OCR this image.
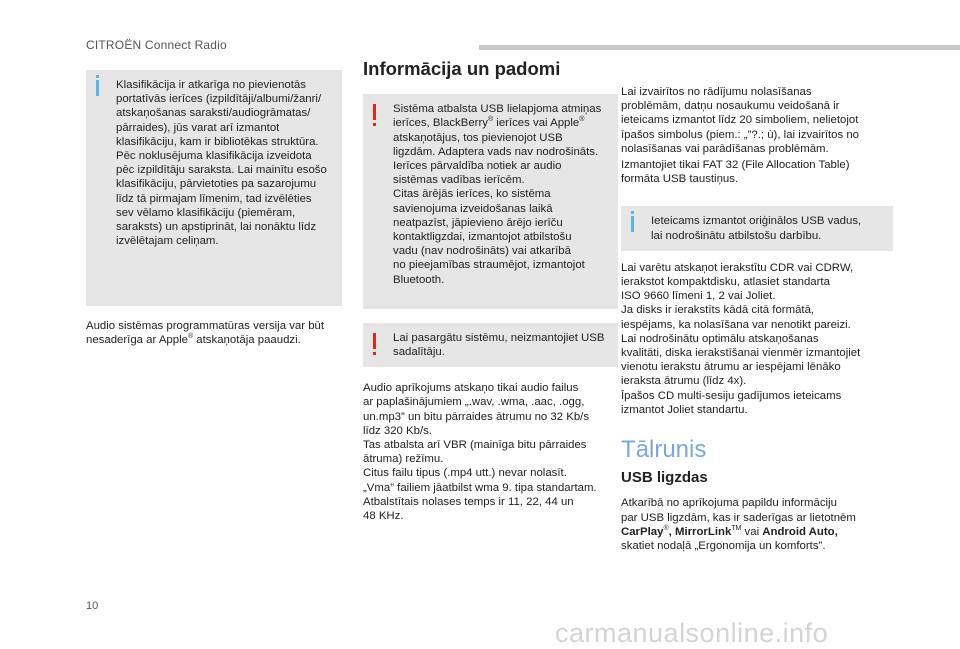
CITROËN Connect Radio

Klasifikācija ir atkarīga no pievienotās
portatīvās ierīces (izpildītāji/albumi/žanri/
atskaņošanas saraksti/audiogrāmatas/
pārraides), jūs varat arī izmantot
klasifikāciju, kam ir bibliotēkas struktūra.
Pēc noklusējuma klasifikācija izveidota
pēc izpildītāju saraksta. Lai mainītu esošo
klasifikāciju, pārvietoties pa sazarojumu
līdz tā pirmajam līmenim, tad izvēlēties
sev vēlamo klasifikāciju (piemēram,
saraksts) un apstiprināt, lai nonāktu līdz
izvēlētajam celiņam.

Audio sistēmas programmatūras versija var būt
nesaderīga ar Apple® atskaņotāja paaudzi.

Informācija un padomi

Sistēma atbalsta USB lielapjoma atmiņas
ierīces, BlackBerry® ierīces vai Apple®
atskaņotājus, tos pievienojot USB
ligzdām. Adaptera vads nav nodrošināts.
Ierīces pārvaldība notiek ar audio
sistēmas vadības ierīcēm.
Citas ārējās ierīces, ko sistēma
savienojuma izveidošanas laikā
neatpazīst, jāpievieno ārējo ierīču
kontaktligzdai, izmantojot atbilstošu
vadu (nav nodrošināts) vai atkarībā
no pieejamības straumējot, izmantojot
Bluetooth.

Lai pasargātu sistēmu, neizmantojiet USB
sadalītāju.

Audio aprīkojums atskaņo tikai audio failus
ar paplašinājumiem „.wav, .wma, .aac, .ogg,
un.mp3” un bitu pārraides ātrumu no 32 Kb/s
līdz 320 Kb/s.
Tas atbalsta arī VBR (mainīga bitu pārraides
ātruma) režīmu.
Citus failu tipus (.mp4 utt.) nevar nolasīt.
„Vma” failiem jāatbilst wma 9. tipa standartam.
Atbalstītais nolases temps ir 11, 22, 44 un
48 KHz.

Lai izvairītos no rādījumu nolasīšanas
problēmām, datņu nosaukumu veidošanā ir
ieteicams izmantot līdz 20 simboliem, nelietojot
īpašos simbolus (piem.: „”?.; ù), lai izvairītos no
nolasīšanas vai parādīšanas problēmām.

Izmantojiet tikai FAT 32 (File Allocation Table)
formāta USB taustiņus.

Ieteicams izmantot oriģinālos USB vadus,
lai nodrošinātu atbilstošu darbību.

Lai varētu atskaņot ierakstītu CDR vai CDRW,
ierakstot kompaktdisku, atlasiet standarta
ISO 9660 līmeni 1, 2 vai Joliet.
Ja disks ir ierakstīts kādā citā formātā,
iespējams, ka nolasīšana var nenotikt pareizi.
Lai nodrošinātu optimālu atskaņošanas
kvalitāti, diska ierakstīšanai vienmēr izmantojiet
vienotu ierakstu ātrumu ar iespējami lēnāko
ieraksta ātrumu (līdz 4x).
Īpašos CD multi-sesiju gadījumos ieteicams
izmantot Joliet standartu.

Tālrunis
USB ligzdas

Atkarībā no aprīkojuma papildu informāciju
par USB ligzdām, kas ir saderīgas ar lietotnēm
CarPlay®, MirrorLink™ vai Android Auto,
skatiet nodaļā „Ergonomija un komforts”.

10
carmanualsonline.info
